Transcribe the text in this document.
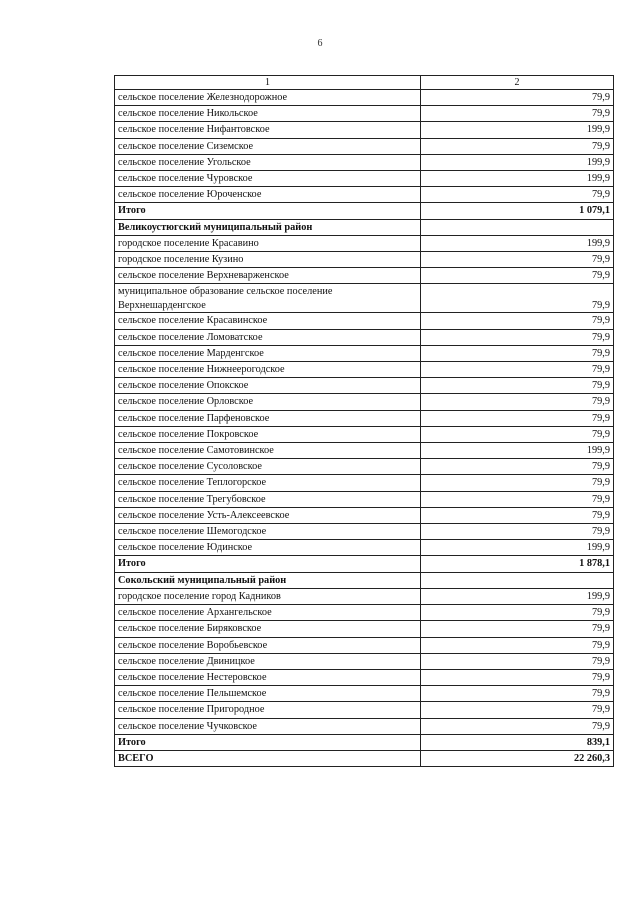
6
1	2
сельское поселение Железнодорожное	79,9
сельское поселение Никольское	79,9
сельское поселение Нифантовское	199,9
сельское поселение Сиземское	79,9
сельское поселение Угольское	199,9
сельское поселение Чуровское	199,9
сельское поселение Юроченское	79,9
Итого	1 079,1
Великоустюгский муниципальный район	
городское поселение Красавино	199,9
городское поселение Кузино	79,9
сельское поселение Верхневарженское	79,9
муниципальное образование сельское поселение Верхнешарденгское	79,9
сельское поселение Красавинское	79,9
сельское поселение Ломоватское	79,9
сельское поселение Марденгское	79,9
сельское поселение Нижнеерогодское	79,9
сельское поселение Опокское	79,9
сельское поселение Орловское	79,9
сельское поселение Парфеновское	79,9
сельское поселение Покровское	79,9
сельское поселение Самотовинское	199,9
сельское поселение Сусоловское	79,9
сельское поселение Теплогорское	79,9
сельское поселение Трегубовское	79,9
сельское поселение Усть-Алексеевское	79,9
сельское поселение Шемогодское	79,9
сельское поселение Юдинское	199,9
Итого	1 878,1
Сокольский муниципальный район	
городское поселение город Кадников	199,9
сельское поселение Архангельское	79,9
сельское поселение Биряковское	79,9
сельское поселение Воробьевское	79,9
сельское поселение Двиницкое	79,9
сельское поселение Нестеровское	79,9
сельское поселение Пельшемское	79,9
сельское поселение Пригородное	79,9
сельское поселение Чучковское	79,9
Итого	839,1
ВСЕГО	22 260,3
